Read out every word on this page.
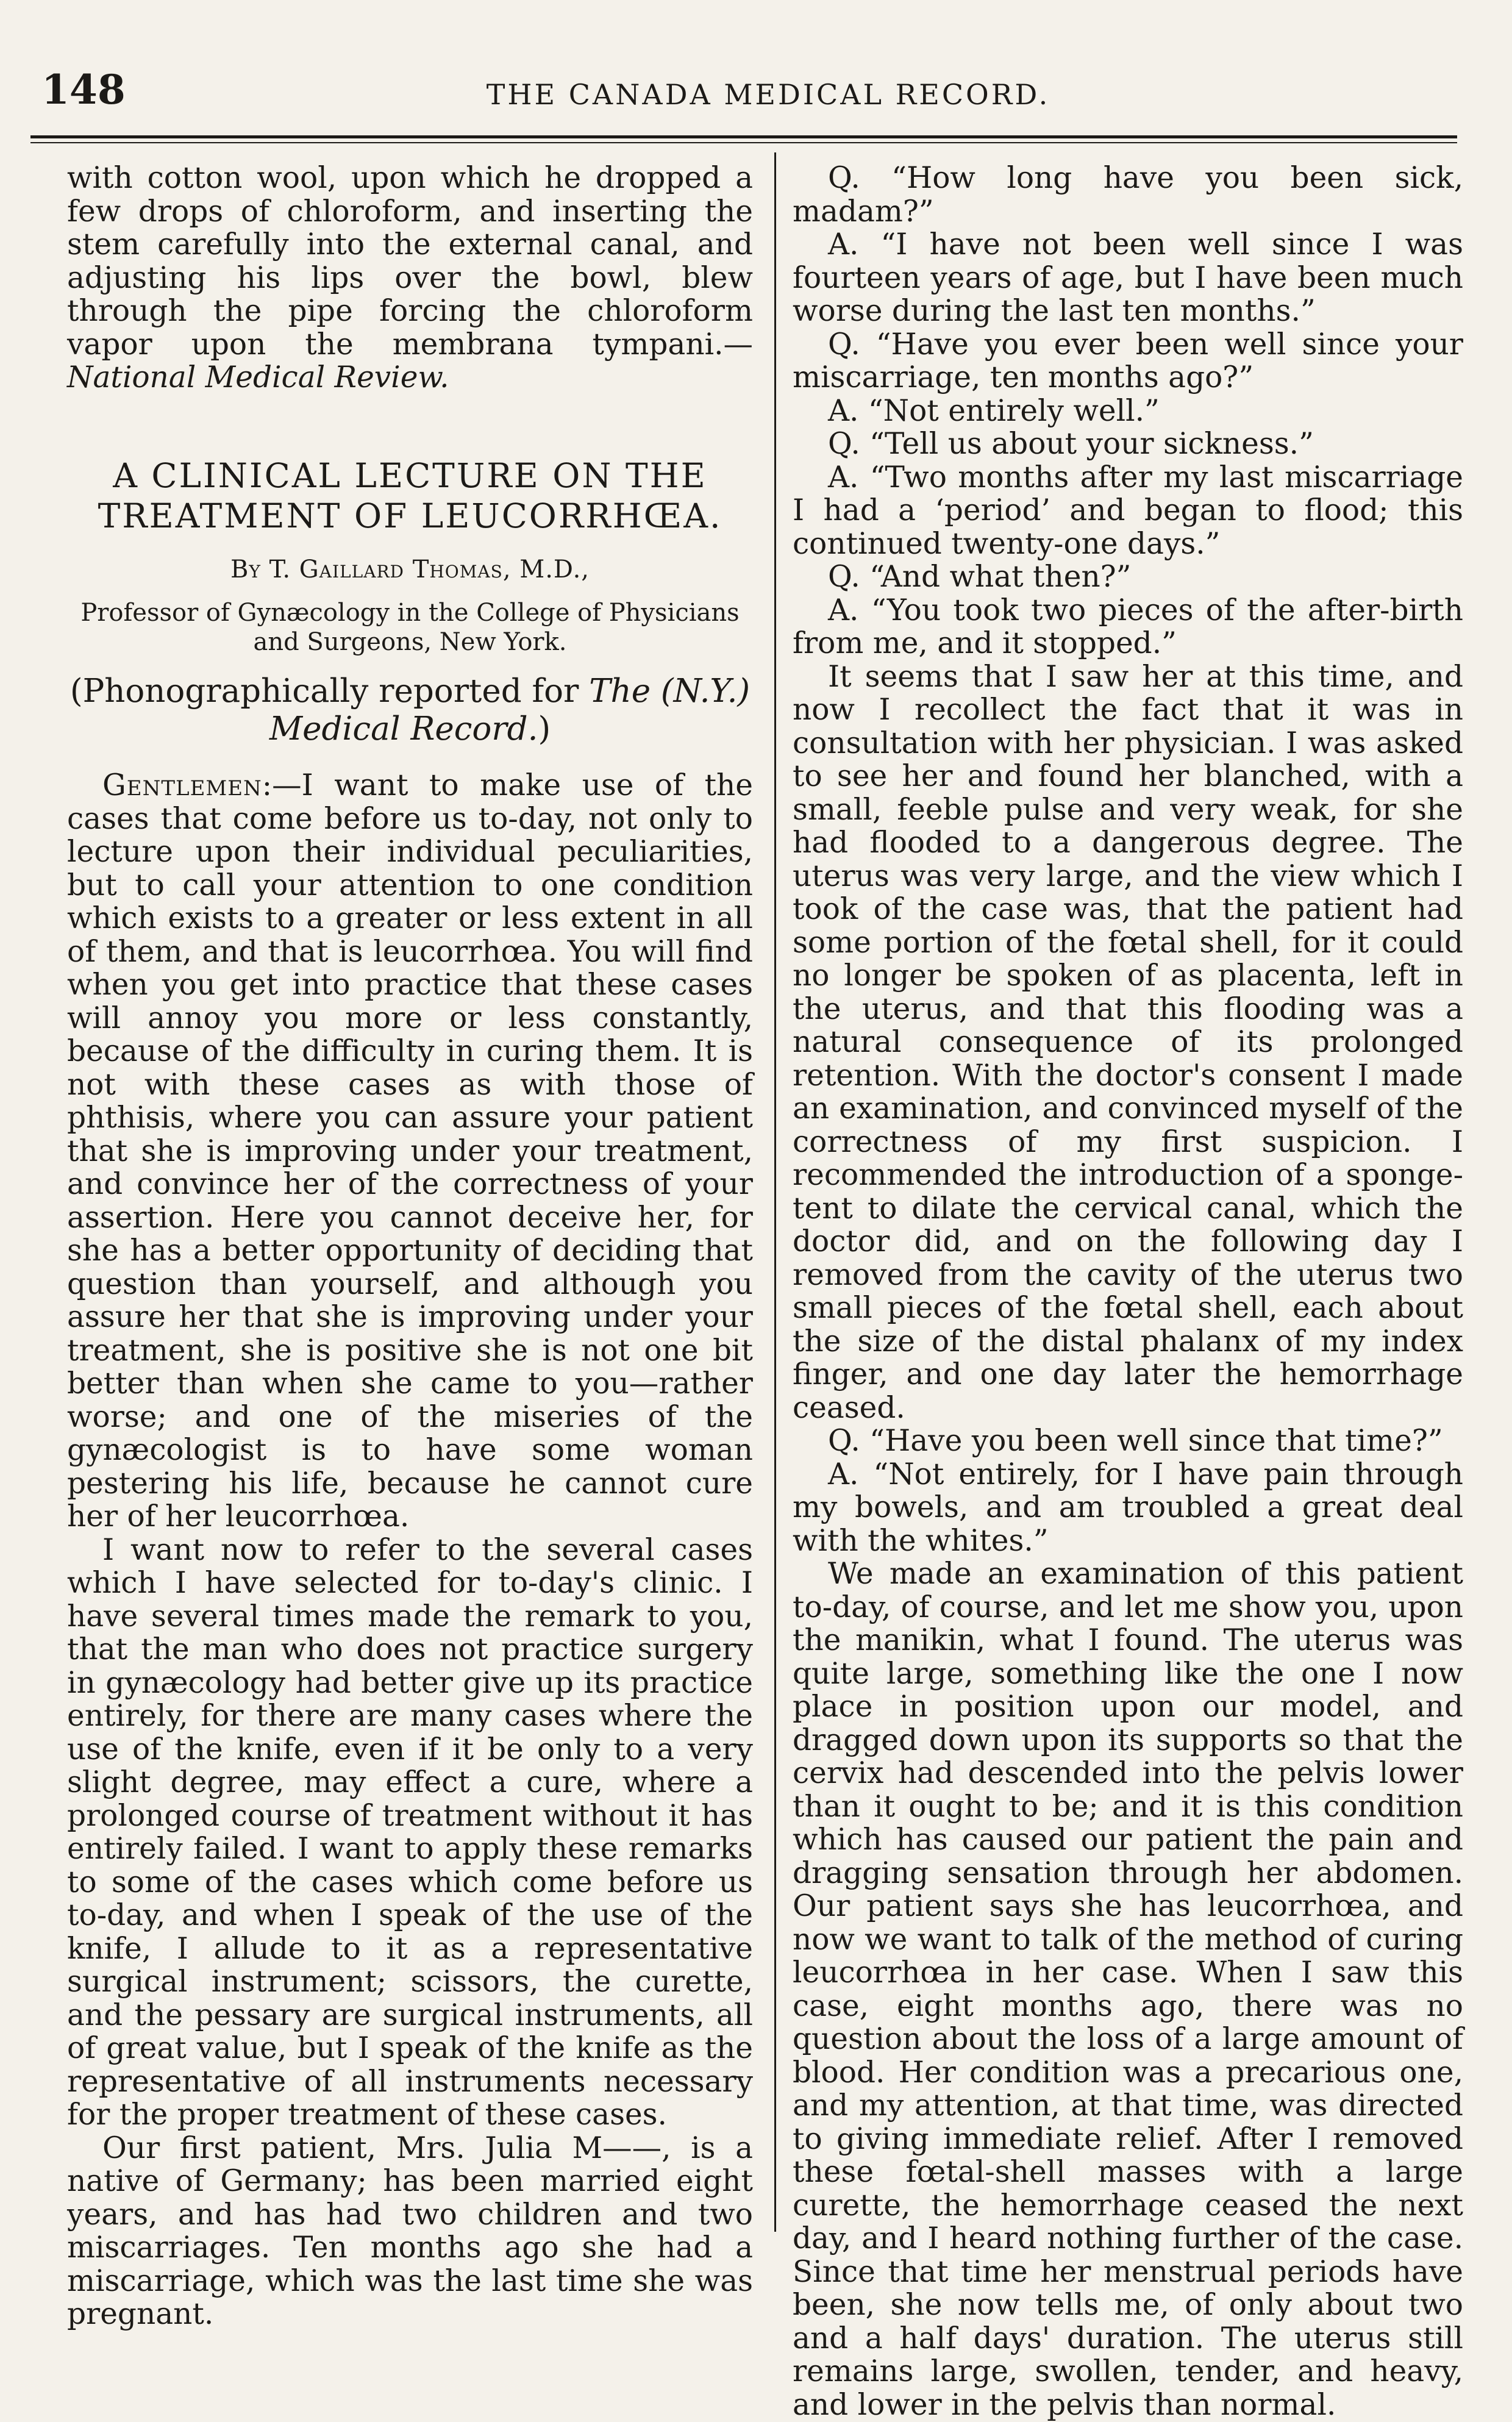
148	THE CANADA MEDICAL RECORD.

with cotton wool, upon which he dropped a few drops of chloroform, and inserting the stem carefully into the external canal, and adjusting his lips over the bowl, blew through the pipe forcing the chloroform vapor upon the membrana tympani.—National Medical Review.

A CLINICAL LECTURE ON THE TREATMENT OF LEUCORRHŒA.
By T. Gaillard Thomas, M.D.,
Professor of Gynæcology in the College of Physicians and Surgeons, New York.
(Phonographically reported for The (N.Y.) Medical Record.)

Gentlemen:—I want to make use of the cases that come before us to-day, not only to lecture upon their individual peculiarities, but to call your attention to one condition which exists to a greater or less extent in all of them, and that is leucorrhœa. You will find when you get into practice that these cases will annoy you more or less constantly, because of the difficulty in curing them. It is not with these cases as with those of phthisis, where you can assure your patient that she is improving under your treatment, and convince her of the correctness of your assertion. Here you cannot deceive her, for she has a better opportunity of deciding that question than yourself, and although you assure her that she is improving under your treatment, she is positive she is not one bit better than when she came to you—rather worse; and one of the miseries of the gynæcologist is to have some woman pestering his life, because he cannot cure her of her leucorrhœa.

I want now to refer to the several cases which I have selected for to-day's clinic. I have several times made the remark to you, that the man who does not practice surgery in gynæcology had better give up its practice entirely, for there are many cases where the use of the knife, even if it be only to a very slight degree, may effect a cure, where a prolonged course of treatment without it has entirely failed. I want to apply these remarks to some of the cases which come before us to-day, and when I speak of the use of the knife, I allude to it as a representative surgical instrument; scissors, the curette, and the pessary are surgical instruments, all of great value, but I speak of the knife as the representative of all instruments necessary for the proper treatment of these cases.

Our first patient, Mrs. Julia M——, is a native of Germany; has been married eight years, and has had two children and two miscarriages. Ten months ago she had a miscarriage, which was the last time she was pregnant.

Q. “How long have you been sick, madam?”

A. “I have not been well since I was fourteen years of age, but I have been much worse during the last ten months.”

Q. “Have you ever been well since your miscarriage, ten months ago?”

A. “Not entirely well.”

Q. “Tell us about your sickness.”

A. “Two months after my last miscarriage I had a ‘period’ and began to flood; this continued twenty-one days.”

Q. “And what then?”

A. “You took two pieces of the after-birth from me, and it stopped.”

It seems that I saw her at this time, and now I recollect the fact that it was in consultation with her physician. I was asked to see her and found her blanched, with a small, feeble pulse and very weak, for she had flooded to a dangerous degree. The uterus was very large, and the view which I took of the case was, that the patient had some portion of the fœtal shell, for it could no longer be spoken of as placenta, left in the uterus, and that this flooding was a natural consequence of its prolonged retention. With the doctor's consent I made an examination, and convinced myself of the correctness of my first suspicion. I recommended the introduction of a sponge-tent to dilate the cervical canal, which the doctor did, and on the following day I removed from the cavity of the uterus two small pieces of the fœtal shell, each about the size of the distal phalanx of my index finger, and one day later the hemorrhage ceased.

Q. “Have you been well since that time?”

A. “Not entirely, for I have pain through my bowels, and am troubled a great deal with the whites.”

We made an examination of this patient to-day, of course, and let me show you, upon the manikin, what I found. The uterus was quite large, something like the one I now place in position upon our model, and dragged down upon its supports so that the cervix had descended into the pelvis lower than it ought to be; and it is this condition which has caused our patient the pain and dragging sensation through her abdomen. Our patient says she has leucorrhœa, and now we want to talk of the method of curing leucorrhœa in her case. When I saw this case, eight months ago, there was no question about the loss of a large amount of blood. Her condition was a precarious one, and my attention, at that time, was directed to giving immediate relief. After I removed these fœtal-shell masses with a large curette, the hemorrhage ceased the next day, and I heard nothing further of the case. Since that time her menstrual periods have been, she now tells me, of only about two and a half days' duration. The uterus still remains large, swollen, tender, and heavy, and lower in the pelvis than normal.
